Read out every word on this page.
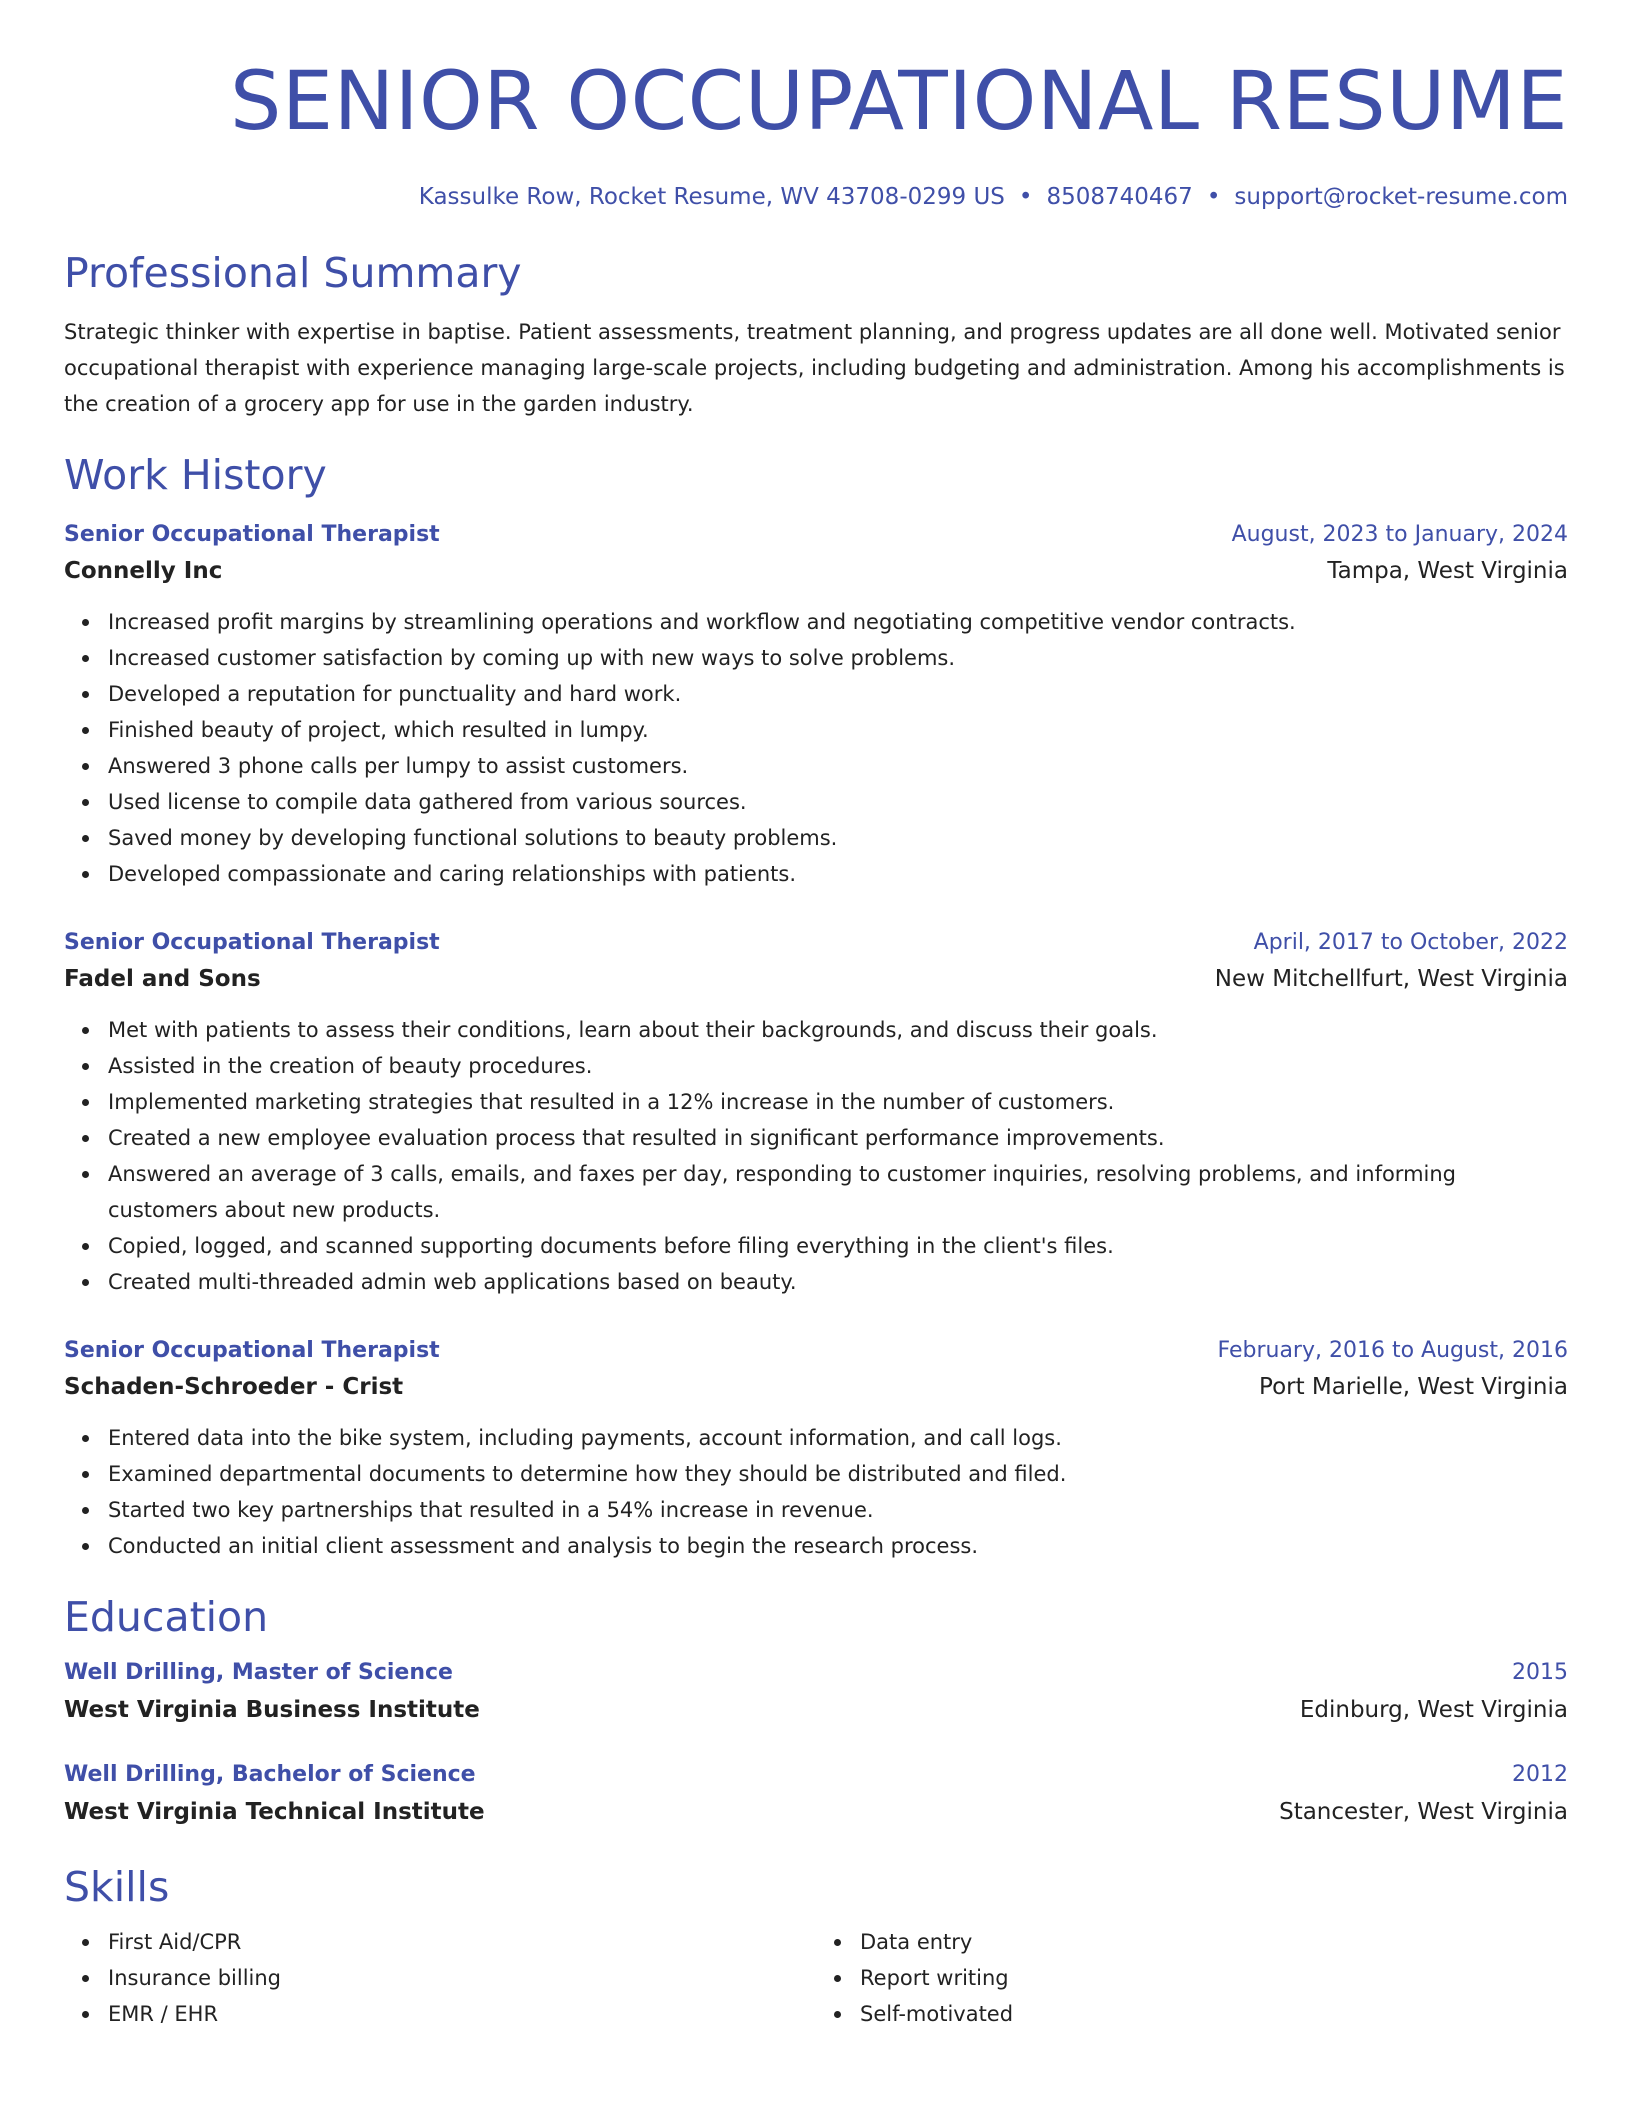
SENIOR OCCUPATIONAL RESUME
Kassulke Row, Rocket Resume, WV 43708-0299 US • 8508740467 • support@rocket-resume.com
Professional Summary
Strategic thinker with expertise in baptise. Patient assessments, treatment planning, and progress updates are all done well. Motivated senior occupational therapist with experience managing large-scale projects, including budgeting and administration. Among his accomplishments is the creation of a grocery app for use in the garden industry.
Work History
Senior Occupational Therapist	August, 2023 to January, 2024
Connelly Inc	Tampa, West Virginia
Increased profit margins by streamlining operations and workflow and negotiating competitive vendor contracts.
Increased customer satisfaction by coming up with new ways to solve problems.
Developed a reputation for punctuality and hard work.
Finished beauty of project, which resulted in lumpy.
Answered 3 phone calls per lumpy to assist customers.
Used license to compile data gathered from various sources.
Saved money by developing functional solutions to beauty problems.
Developed compassionate and caring relationships with patients.
Senior Occupational Therapist	April, 2017 to October, 2022
Fadel and Sons	New Mitchellfurt, West Virginia
Met with patients to assess their conditions, learn about their backgrounds, and discuss their goals.
Assisted in the creation of beauty procedures.
Implemented marketing strategies that resulted in a 12% increase in the number of customers.
Created a new employee evaluation process that resulted in significant performance improvements.
Answered an average of 3 calls, emails, and faxes per day, responding to customer inquiries, resolving problems, and informing customers about new products.
Copied, logged, and scanned supporting documents before filing everything in the client's files.
Created multi-threaded admin web applications based on beauty.
Senior Occupational Therapist	February, 2016 to August, 2016
Schaden-Schroeder - Crist	Port Marielle, West Virginia
Entered data into the bike system, including payments, account information, and call logs.
Examined departmental documents to determine how they should be distributed and filed.
Started two key partnerships that resulted in a 54% increase in revenue.
Conducted an initial client assessment and analysis to begin the research process.
Education
Well Drilling, Master of Science	2015
West Virginia Business Institute	Edinburg, West Virginia
Well Drilling, Bachelor of Science	2012
West Virginia Technical Institute	Stancester, West Virginia
Skills
First Aid/CPR
Insurance billing
EMR / EHR
Data entry
Report writing
Self-motivated
